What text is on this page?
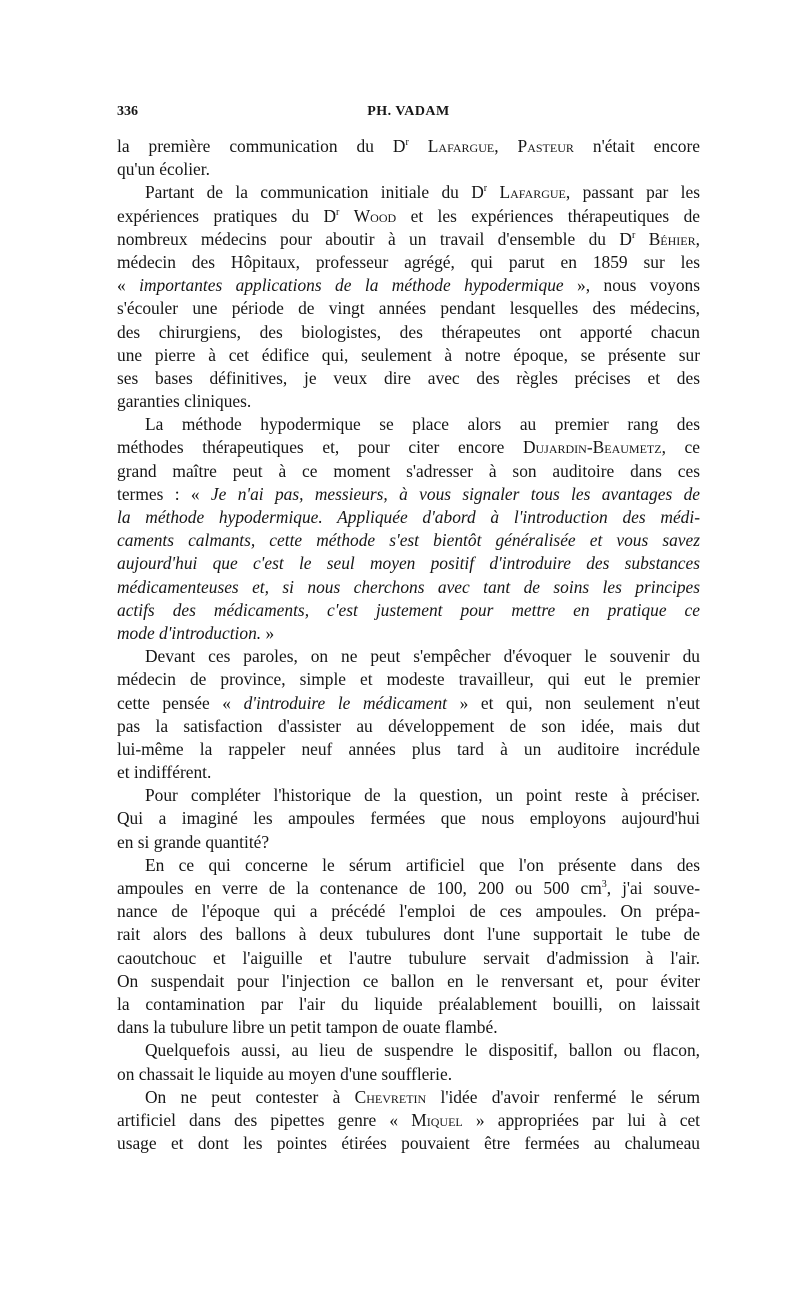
336	PH. VADAM
la première communication du $D^r$ Lafargue, Pasteur n'était encore
qu'un écolier.
Partant de la communication initiale du $D^r$ Lafargue, passant par les
expériences pratiques du $D^r$ Wood et les expériences thérapeutiques de
nombreux médecins pour aboutir à un travail d'ensemble du $D^r$ Béhier,
médecin des Hôpitaux, professeur agrégé, qui parut en 1859 sur les
« importantes applications de la méthode hypodermique », nous voyons
s'écouler une période de vingt années pendant lesquelles des médecins,
des chirurgiens, des biologistes, des thérapeutes ont apporté chacun
une pierre à cet édifice qui, seulement à notre époque, se présente sur
ses bases définitives, je veux dire avec des règles précises et des
garanties cliniques.
La méthode hypodermique se place alors au premier rang des
méthodes thérapeutiques et, pour citer encore Dujardin-Beaumetz, ce
grand maître peut à ce moment s'adresser à son auditoire dans ces
termes : « Je n'ai pas, messieurs, à vous signaler tous les avantages de
la méthode hypodermique. Appliquée d'abord à l'introduction des médi-
caments calmants, cette méthode s'est bientôt généralisée et vous savez
aujourd'hui que c'est le seul moyen positif d'introduire des substances
médicamenteuses et, si nous cherchons avec tant de soins les principes
actifs des médicaments, c'est justement pour mettre en pratique ce
mode d'introduction. »
Devant ces paroles, on ne peut s'empêcher d'évoquer le souvenir du
médecin de province, simple et modeste travailleur, qui eut le premier
cette pensée « d'introduire le médicament » et qui, non seulement n'eut
pas la satisfaction d'assister au développement de son idée, mais dut
lui-même la rappeler neuf années plus tard à un auditoire incrédule
et indifférent.
Pour compléter l'historique de la question, un point reste à préciser.
Qui a imaginé les ampoules fermées que nous employons aujourd'hui
en si grande quantité?
En ce qui concerne le sérum artificiel que l'on présente dans des
ampoules en verre de la contenance de 100, 200 ou 500 $cm^3$, j'ai souve-
nance de l'époque qui a précédé l'emploi de ces ampoules. On prépa-
rait alors des ballons à deux tubulures dont l'une supportait le tube de
caoutchouc et l'aiguille et l'autre tubulure servait d'admission à l'air.
On suspendait pour l'injection ce ballon en le renversant et, pour éviter
la contamination par l'air du liquide préalablement bouilli, on laissait
dans la tubulure libre un petit tampon de ouate flambé.
Quelquefois aussi, au lieu de suspendre le dispositif, ballon ou flacon,
on chassait le liquide au moyen d'une soufflerie.
On ne peut contester à Chevretin l'idée d'avoir renfermé le sérum
artificiel dans des pipettes genre « Miquel » appropriées par lui à cet
usage et dont les pointes étirées pouvaient être fermées au chalumeau
